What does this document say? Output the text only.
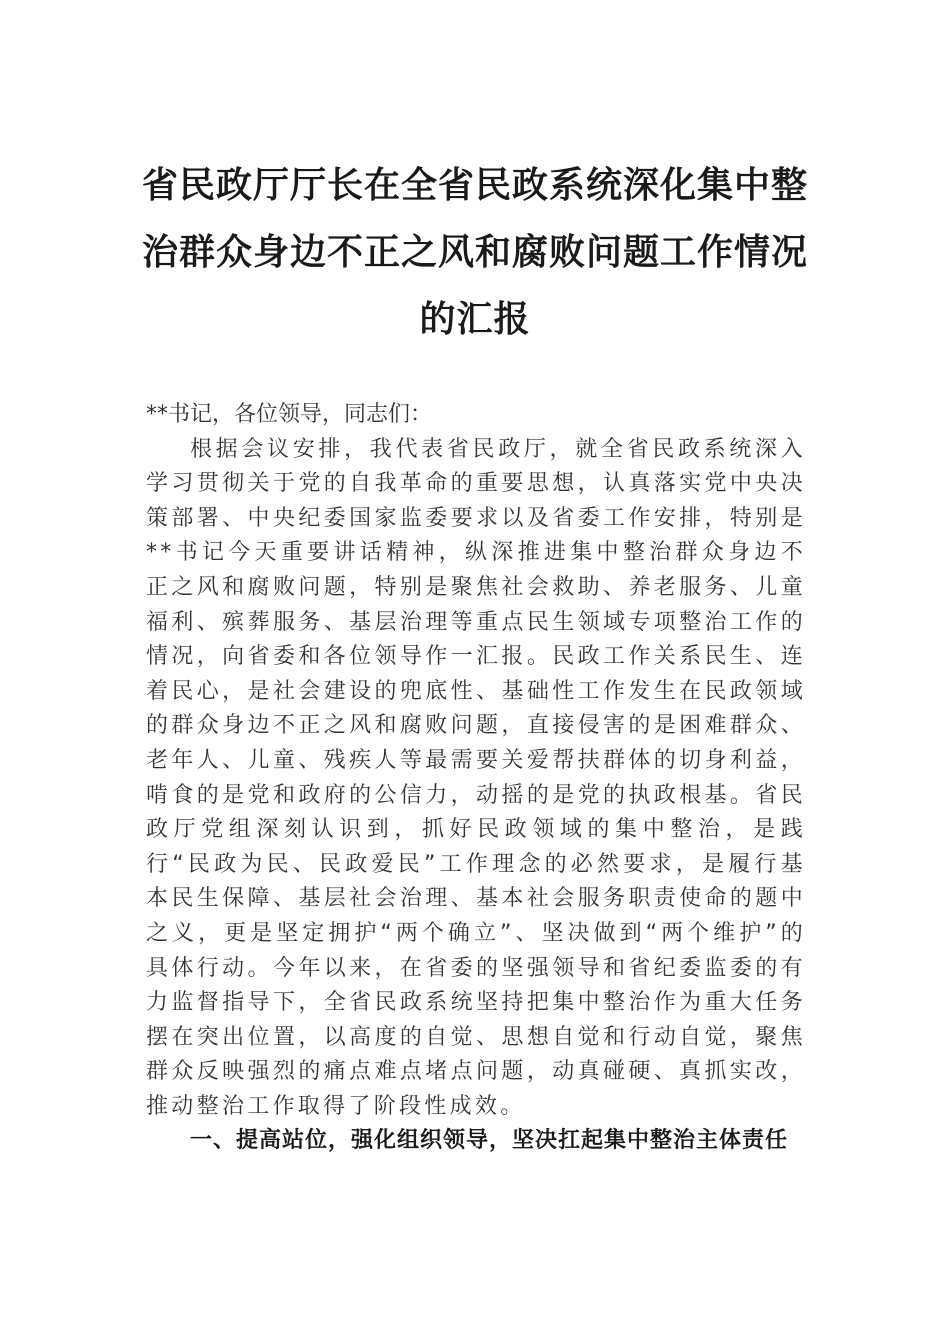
省民政厅厅长在全省民政系统深化集中整治群众身边不正之风和腐败问题工作情况的汇报

**书记，各位领导，同志们：

根据会议安排，我代表省民政厅，就全省民政系统深入学习贯彻关于党的自我革命的重要思想，认真落实党中央决策部署、中央纪委国家监委要求以及省委工作安排，特别是**书记今天重要讲话精神，纵深推进集中整治群众身边不正之风和腐败问题，特别是聚焦社会救助、养老服务、儿童福利、殡葬服务、基层治理等重点民生领域专项整治工作的情况，向省委和各位领导作一汇报。民政工作关系民生、连着民心，是社会建设的兜底性、基础性工作发生在民政领域的群众身边不正之风和腐败问题，直接侵害的是困难群众、老年人、儿童、残疾人等最需要关爱帮扶群体的切身利益，啃食的是党和政府的公信力，动摇的是党的执政根基。省民政厅党组深刻认识到，抓好民政领域的集中整治，是践行“民政为民、民政爱民”工作理念的必然要求，是履行基本民生保障、基层社会治理、基本社会服务职责使命的题中之义，更是坚定拥护“两个确立”、坚决做到“两个维护”的具体行动。今年以来，在省委的坚强领导和省纪委监委的有力监督指导下，全省民政系统坚持把集中整治作为重大任务摆在突出位置，以高度的自觉、思想自觉和行动自觉，聚焦群众反映强烈的痛点难点堵点问题，动真碰硬、真抓实改，推动整治工作取得了阶段性成效。

一、提高站位，强化组织领导，坚决扛起集中整治主体责任
